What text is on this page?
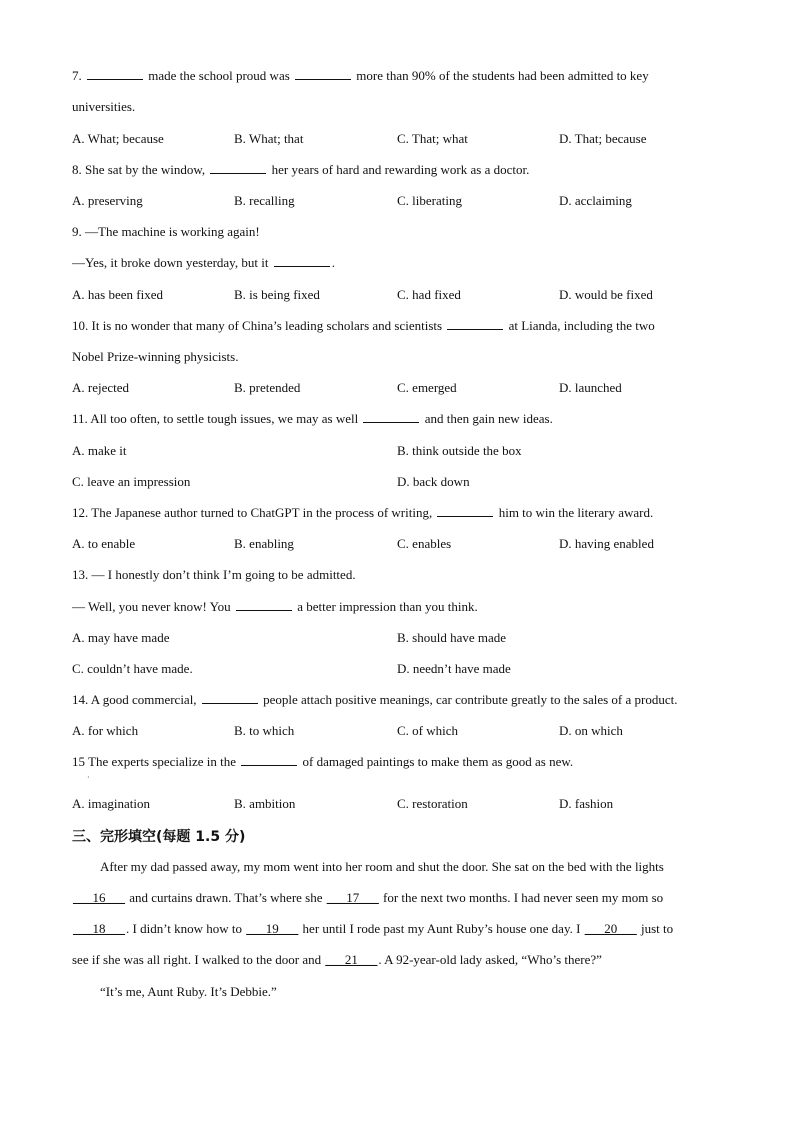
7.	made the school proud was	more than 90% of the students had been admitted to key
universities.
A. What; because	B. What; that	C. That; what	D. That; because
8. She sat by the window,	her years of hard and rewarding work as a doctor.
A. preserving	B. recalling	C. liberating	D. acclaiming
9. —The machine is working again!
—Yes, it broke down yesterday, but it	.
A. has been fixed	B. is being fixed	C. had fixed	D. would be fixed
10. It is no wonder that many of China’s leading scholars and scientists	at Lianda, including the two
Nobel Prize-winning physicists.
A. rejected	B. pretended	C. emerged	D. launched
11. All too often, to settle tough issues, we may as well	and then gain new ideas.
A. make it	B. think outside the box
C. leave an impression	D. back down
12. The Japanese author turned to ChatGPT in the process of writing,	him to win the literary award.
A. to enable	B. enabling	C. enables	D. having enabled
13. — I honestly don’t think I’m going to be admitted.
— Well, you never know! You	a better impression than you think.
A. may have made	B. should have made
C. couldn’t have made.	D. needn’t have made
14. A good commercial,	people attach positive meanings, car contribute greatly to the sales of a product.
A. for which	B. to which	C. of which	D. on which
15 The experts specialize in the	of damaged paintings to make them as good as new.
·
A. imagination	B. ambition	C. restoration	D. fashion
三、完形填空(每题 1.5 分)
After my dad passed away, my mom went into her room and shut the door. She sat on the bed with the lights
___16___ and curtains drawn. That’s where she ___17___ for the next two months. I had never seen my mom so
___18___. I didn’t know how to ___19___ her until I rode past my Aunt Ruby’s house one day. I ___20___ just to
see if she was all right. I walked to the door and ___21___. A 92-year-old lady asked, “Who’s there?”
“It’s me, Aunt Ruby. It’s Debbie.”
